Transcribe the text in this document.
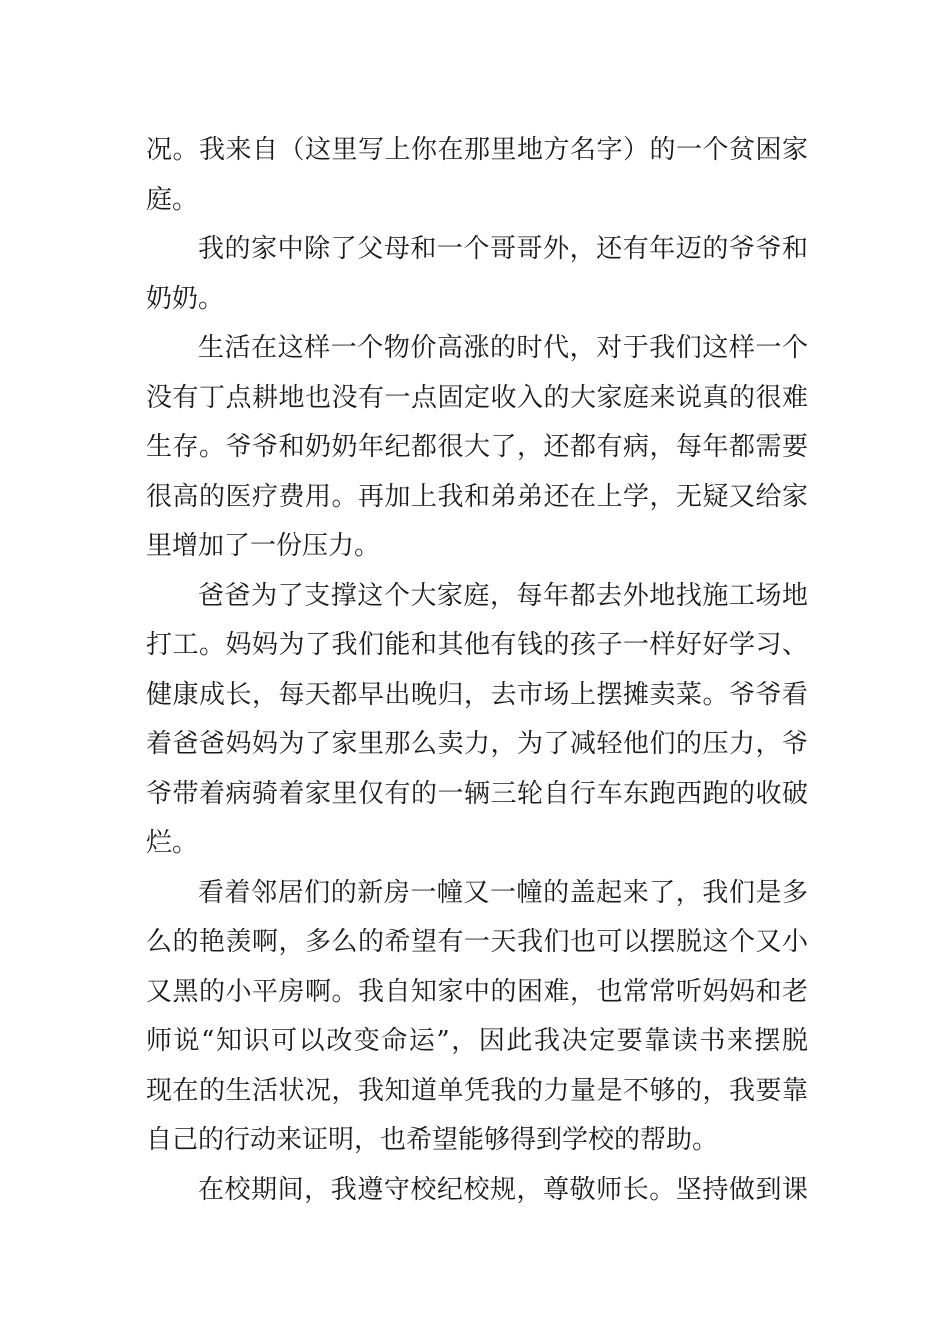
况。我来自（这里写上你在那里地方名字）的一个贫困家
庭。
我的家中除了父母和一个哥哥外，还有年迈的爷爷和
奶奶。
生活在这样一个物价高涨的时代，对于我们这样一个
没有丁点耕地也没有一点固定收入的大家庭来说真的很难
生存。爷爷和奶奶年纪都很大了，还都有病，每年都需要
很高的医疗费用。再加上我和弟弟还在上学，无疑又给家
里增加了一份压力。
爸爸为了支撑这个大家庭，每年都去外地找施工场地
打工。妈妈为了我们能和其他有钱的孩子一样好好学习、
健康成长，每天都早出晚归，去市场上摆摊卖菜。爷爷看
着爸爸妈妈为了家里那么卖力，为了减轻他们的压力，爷
爷带着病骑着家里仅有的一辆三轮自行车东跑西跑的收破
烂。
看着邻居们的新房一幢又一幢的盖起来了，我们是多
么的艳羡啊，多么的希望有一天我们也可以摆脱这个又小
又黑的小平房啊。我自知家中的困难，也常常听妈妈和老
师说“知识可以改变命运”，因此我决定要靠读书来摆脱
现在的生活状况，我知道单凭我的力量是不够的，我要靠
自己的行动来证明，也希望能够得到学校的帮助。
在校期间，我遵守校纪校规，尊敬师长。坚持做到课
